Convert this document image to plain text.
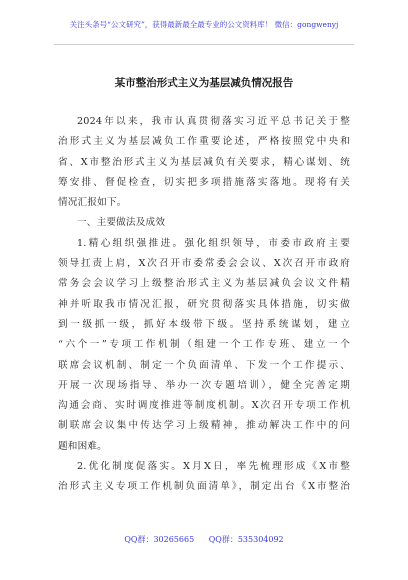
关注头条号“公文研究”，获得最新最全最专业的公文资料库！ 微信：gongwenyj
某市整治形式主义为基层减负情况报告
2024年以来，我市认真贯彻落实习近平总书记关于整
治形式主义为基层减负工作重要论述，严格按照党中央和
省、X市整治形式主义为基层减负有关要求，精心谋划、统
筹安排、督促检查，切实把多项措施落实落地。现将有关
情况汇报如下。
一、主要做法及成效
1.精心组织强推进。强化组织领导，市委市政府主要
领导扛责上肩，X次召开市委常委会会议、X次召开市政府
常务会会议学习上级整治形式主义为基层减负会议文件精
神并听取我市情况汇报，研究贯彻落实具体措施，切实做
到一级抓一级，抓好本级带下级。坚持系统谋划，建立
“六个一”专项工作机制（组建一个工作专班、建立一个
联席会议机制、制定一个负面清单、下发一个工作提示、
开展一次现场指导、举办一次专题培训），健全完善定期
沟通会商、实时调度推进等制度机制。X次召开专项工作机
制联席会议集中传达学习上级精神，推动解决工作中的问
题和困难。
2.优化制度促落实。X月X日，率先梳理形成《X市整
治形式主义专项工作机制负面清单》，制定出台《X市整治
QQ群：30265665 QQ群：535304092
